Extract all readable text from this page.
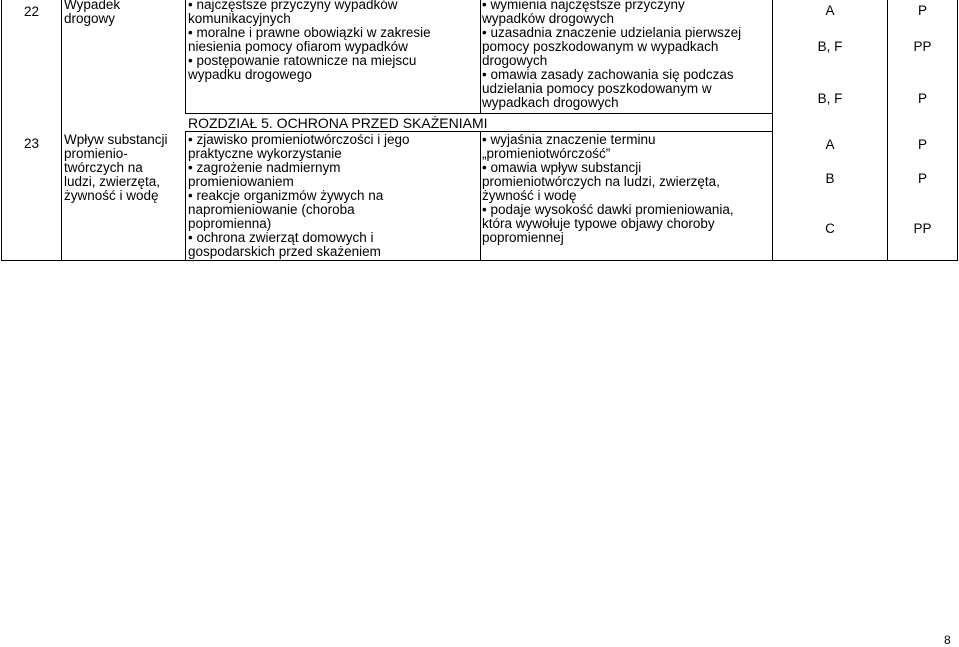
22 Wypadek
drogowy
• najczęstsze przyczyny wypadków
komunikacyjnych
• moralne i prawne obowiązki w zakresie
niesienia pomocy ofiarom wypadków
• postępowanie ratownicze na miejscu
wypadku drogowego
• wymienia najczęstsze przyczyny
wypadków drogowych
• uzasadnia znaczenie udzielania pierwszej
pomocy poszkodowanym w wypadkach
drogowych
• omawia zasady zachowania się podczas
udzielania pomocy poszkodowanym w
wypadkach drogowych
A
B, F
B, F
P
PP
P
ROZDZIAŁ 5. OCHRONA PRZED SKAŻENIAMI
23 Wpływ substancji
promienio-
twórczych na
ludzi, zwierzęta,
żywność i wodę
• zjawisko promieniotwórczości i jego
praktyczne wykorzystanie
• zagrożenie nadmiernym
promieniowaniem
• reakcje organizmów żywych na
napromieniowanie (choroba
popromienna)
• ochrona zwierząt domowych i
gospodarskich przed skażeniem
• wyjaśnia znaczenie terminu
„promieniotwórczość”
• omawia wpływ substancji
promieniotwórczych na ludzi, zwierzęta,
żywność i wodę
• podaje wysokość dawki promieniowania,
która wywołuje typowe objawy choroby
popromiennej
A
B
C
P
P
PP
8
